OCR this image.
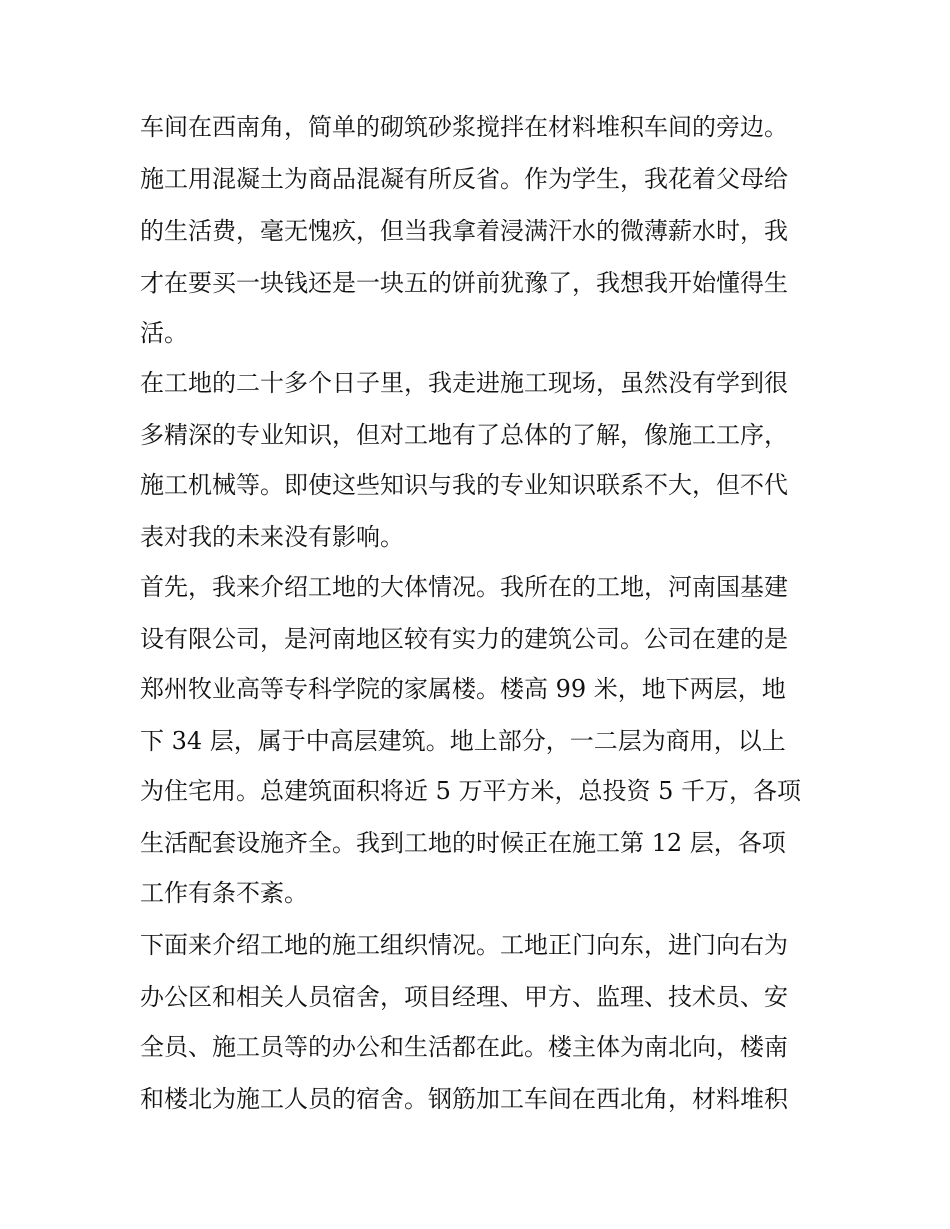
车间在西南角，简单的砌筑砂浆搅拌在材料堆积车间的旁边。
施工用混凝土为商品混凝有所反省。作为学生，我花着父母给
的生活费，毫无愧疚，但当我拿着浸满汗水的微薄薪水时，我
才在要买一块钱还是一块五的饼前犹豫了，我想我开始懂得生
活。
在工地的二十多个日子里，我走进施工现场，虽然没有学到很
多精深的专业知识，但对工地有了总体的了解，像施工工序，
施工机械等。即使这些知识与我的专业知识联系不大，但不代
表对我的未来没有影响。
首先，我来介绍工地的大体情况。我所在的工地，河南国基建
设有限公司，是河南地区较有实力的建筑公司。公司在建的是
郑州牧业高等专科学院的家属楼。楼高 99 米，地下两层，地
下 34 层，属于中高层建筑。地上部分，一二层为商用，以上
为住宅用。总建筑面积将近 5 万平方米，总投资 5 千万，各项
生活配套设施齐全。我到工地的时候正在施工第 12 层，各项
工作有条不紊。
下面来介绍工地的施工组织情况。工地正门向东，进门向右为
办公区和相关人员宿舍，项目经理、甲方、监理、技术员、安
全员、施工员等的办公和生活都在此。楼主体为南北向，楼南
和楼北为施工人员的宿舍。钢筋加工车间在西北角，材料堆积
